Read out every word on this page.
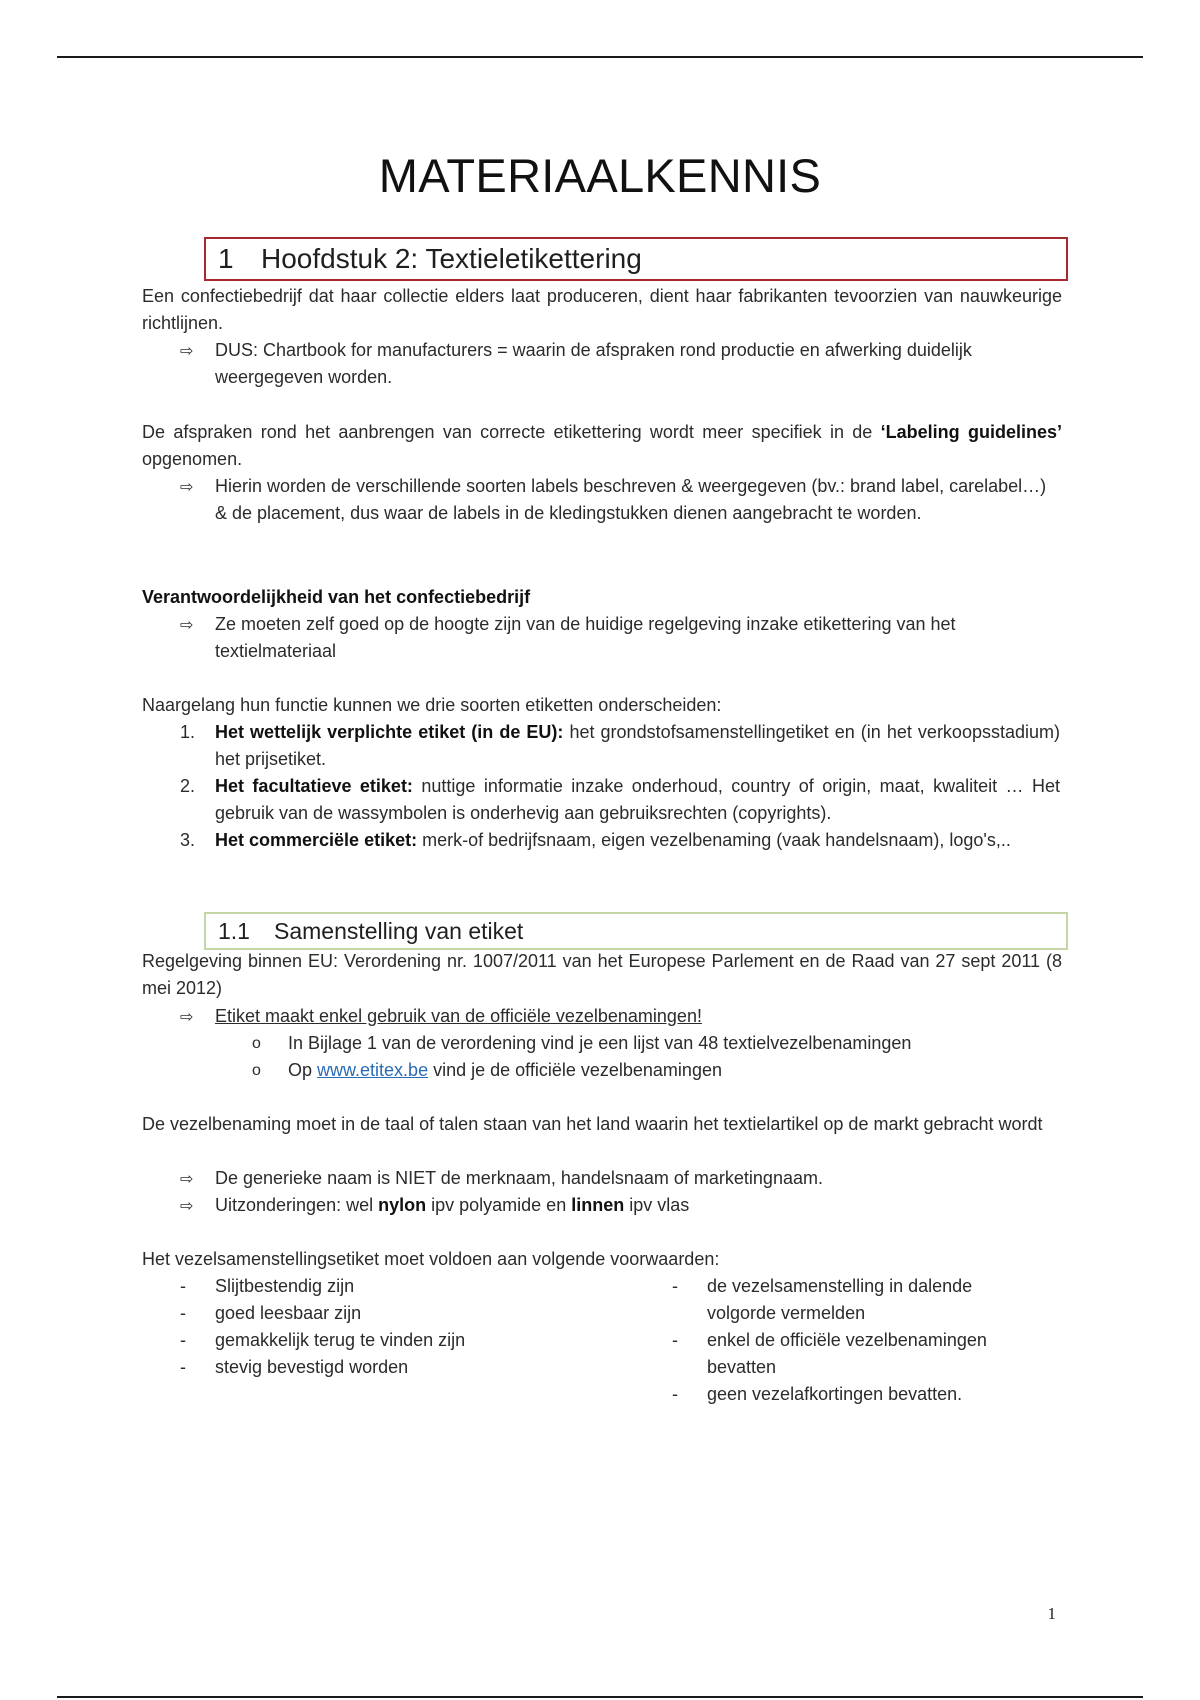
MATERIAALKENNIS
1 Hoofdstuk 2: Textieletikettering
Een confectiebedrijf dat haar collectie elders laat produceren, dient haar fabrikanten tevoorzien van nauwkeurige richtlijnen.
⇨	DUS: Chartbook for manufacturers = waarin de afspraken rond productie en afwerking duidelijk weergegeven worden.
De afspraken rond het aanbrengen van correcte etikettering wordt meer specifiek in de ‘Labeling guidelines’ opgenomen.
⇨	Hierin worden de verschillende soorten labels beschreven & weergegeven (bv.: brand label, carelabel…) & de placement, dus waar de labels in de kledingstukken dienen aangebracht te worden.
Verantwoordelijkheid van het confectiebedrijf
⇨	Ze moeten zelf goed op de hoogte zijn van de huidige regelgeving inzake etikettering van het textielmateriaal
Naargelang hun functie kunnen we drie soorten etiketten onderscheiden:
1. Het wettelijk verplichte etiket (in de EU): het grondstofsamenstellingetiket en (in het verkoopsstadium) het prijsetiket.
2. Het facultatieve etiket: nuttige informatie inzake onderhoud, country of origin, maat, kwaliteit … Het gebruik van de wassymbolen is onderhevig aan gebruiksrechten (copyrights).
3. Het commerciële etiket: merk-of bedrijfsnaam, eigen vezelbenaming (vaak handelsnaam), logo's,..
1.1 Samenstelling van etiket
Regelgeving binnen EU: Verordening nr. 1007/2011 van het Europese Parlement en de Raad van 27 sept 2011 (8 mei 2012)
⇨	Etiket maakt enkel gebruik van de officiële vezelbenamingen!
o In Bijlage 1 van de verordening vind je een lijst van 48 textielvezelbenamingen
o Op www.etitex.be vind je de officiële vezelbenamingen
De vezelbenaming moet in de taal of talen staan van het land waarin het textielartikel op de markt gebracht wordt
⇨	De generieke naam is NIET de merknaam, handelsnaam of marketingnaam.
⇨	Uitzonderingen: wel nylon ipv polyamide en linnen ipv vlas
Het vezelsamenstellingsetiket moet voldoen aan volgende voorwaarden:
- Slijtbestendig zijn
- goed leesbaar zijn
- gemakkelijk terug te vinden zijn
- stevig bevestigd worden
- de vezelsamenstelling in dalende volgorde vermelden
- enkel de officiële vezelbenamingen bevatten
- geen vezelafkortingen bevatten.
1
